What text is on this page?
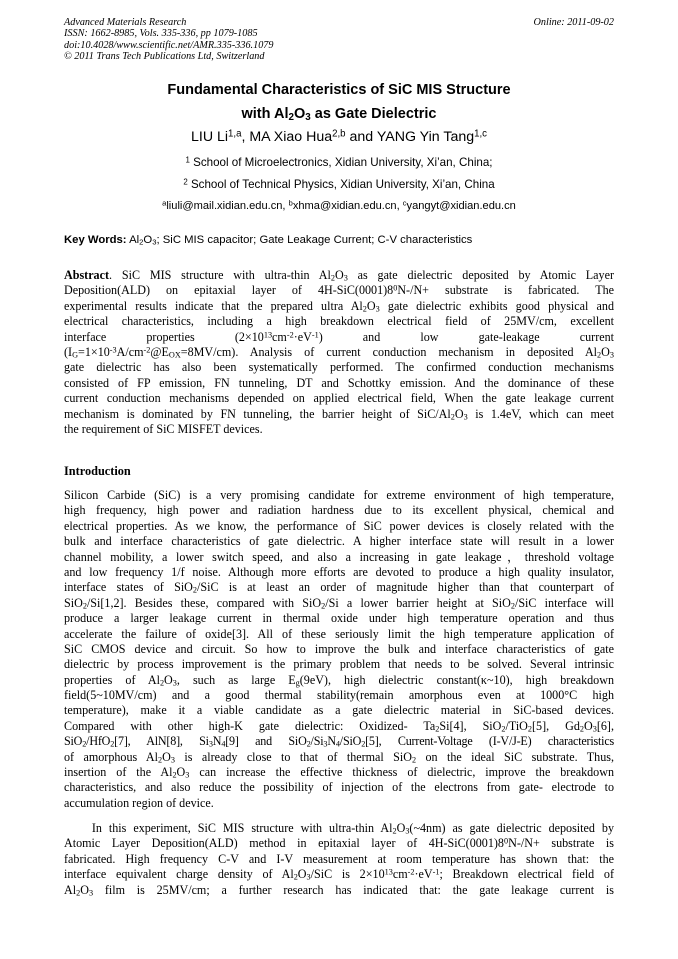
Advanced Materials Research
ISSN: 1662-8985, Vols. 335-336, pp 1079-1085
doi:10.4028/www.scientific.net/AMR.335-336.1079
© 2011 Trans Tech Publications Ltd, Switzerland
Online: 2011-09-02
Fundamental Characteristics of SiC MIS Structure
with $Al_2O_3$ as Gate Dielectric
LIU Li$^{1,a}$, MA Xiao Hua$^{2,b}$ and YANG Yin Tang$^{1,c}$
$^1$ School of Microelectronics, Xidian University, Xi’an, China;
$^2$ School of Technical Physics, Xidian University, Xi’an, China
$^a$liuli@mail.xidian.edu.cn, $^b$xhma@xidian.edu.cn, $^c$yangyt@xidian.edu.cn
Key Words: $Al_2O_3$; SiC MIS capacitor; Gate Leakage Current; C-V characteristics
Abstract. SiC MIS structure with ultra-thin $Al_2O_3$ as gate dielectric deposited by Atomic Layer
Deposition(ALD) on epitaxial layer of $4H-SiC(0001)8^0N-/N+$ substrate is fabricated. The
experimental results indicate that the prepared ultra $Al_2O_3$ gate dielectric exhibits good physical and
electrical characteristics, including a high breakdown electrical field of 25MV/cm, excellent
interface properties $(2\times 10^{13}cm^{-2}\cdot eV^{-1})$ and low gate-leakage current
$(I_G=1\times 10^{-3}A/cm^{-2}@E_{OX}=8MV/cm)$. Analysis of current conduction mechanism in deposited $Al_2O_3$
gate dielectric has also been systematically performed. The confirmed conduction mechanisms
consisted of FP emission, FN tunneling, DT and Schottky emission. And the dominance of these
current conduction mechanisms depended on applied electrical field, When the gate leakage current
mechanism is dominated by FN tunneling, the barrier height of SiC/$Al_2O_3$ is 1.4eV, which can meet
the requirement of SiC MISFET devices.
Introduction
Silicon Carbide (SiC) is a very promising candidate for extreme environment of high temperature,
high frequency, high power and radiation hardness due to its excellent physical, chemical and
electrical properties. As we know, the performance of SiC power devices is closely related with the
bulk and interface characteristics of gate dielectric. A higher interface state will result in a lower
channel mobility, a lower switch speed, and also a increasing in gate leakage，threshold voltage
and low frequency 1/f noise. Although more efforts are devoted to produce a high quality insulator,
interface states of SiO$_2$/SiC is at least an order of magnitude higher than that counterpart of
SiO$_2$/Si[1,2]. Besides these, compared with SiO$_2$/Si a lower barrier height at SiO$_2$/SiC interface will
produce a larger leakage current in thermal oxide under high temperature operation and thus
accelerate the failure of oxide[3]. All of these seriously limit the high temperature application of
SiC CMOS device and circuit. So how to improve the bulk and interface characteristics of gate
dielectric by process improvement is the primary problem that needs to be solved. Several intrinsic
properties of $Al_2O_3$, such as large $E_g(9eV)$, high dielectric constant(κ~10), high breakdown
field(5~10MV/cm) and a good thermal stability(remain amorphous even at 1000°C high
temperature), make it a viable candidate as a gate dielectric material in SiC-based devices.
Compared with other high-K gate dielectric: Oxidized- $Ta_2Si[4]$, SiO$_2$/TiO$_2$[5], $Gd_2O_3[6]$,
SiO$_2$/HfO$_2$[7], AlN[8], $Si_3N_4[9]$ and $SiO_2/Si_3N_4/SiO_2[5]$, Current-Voltage (I-V/J-E) characteristics
of amorphous $Al_2O_3$ is already close to that of thermal SiO$_2$ on the ideal SiC substrate. Thus,
insertion of the $Al_2O_3$ can increase the effective thickness of dielectric, improve the breakdown
characteristics, and also reduce the possibility of injection of the electrons from gate- electrode to
accumulation region of device.
In this experiment, SiC MIS structure with ultra-thin $Al_2O_3(\sim 4nm)$ as gate dielectric deposited by
Atomic Layer Deposition(ALD) method in epitaxial layer of $4H-SiC(0001)8^0N-/N+$ substrate is
fabricated. High frequency C-V and I-V measurement at room temperature has shown that: the
interface equivalent charge density of $Al_2O_3$/SiC is $2\times 10^{13}cm^{-2}\cdot eV^{-1}$; Breakdown electrical field of
$Al_2O_3$ film is 25MV/cm; a further research has indicated that: the gate leakage current is
